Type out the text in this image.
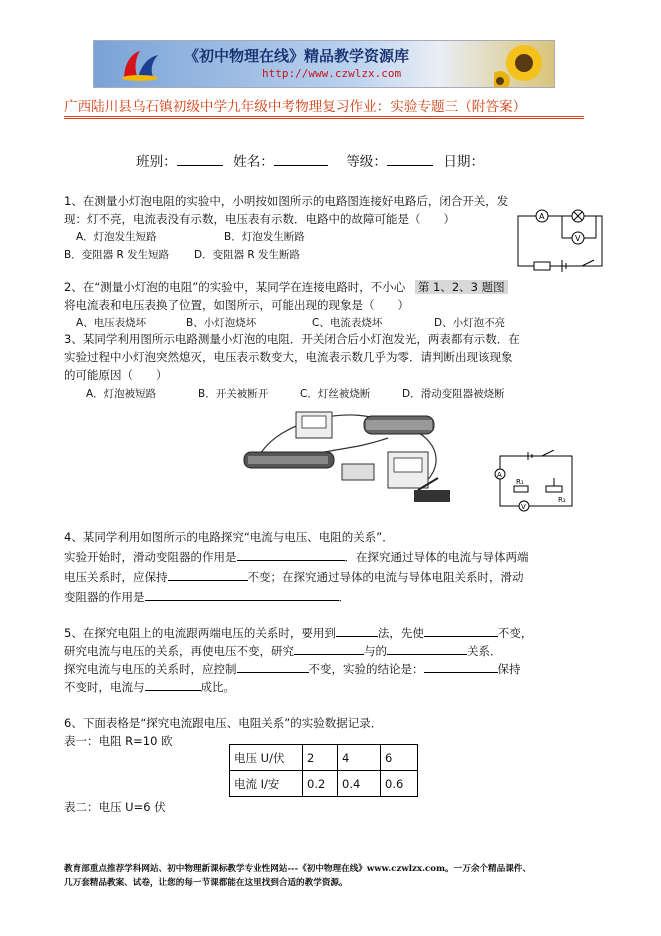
《初中物理在线》精品教学资源库
http://www.czwlzx.com
广西陆川县乌石镇初级中学九年级中考物理复习作业：实验专题三（附答案）
班别：	姓名：	等级：	日期：
1、在测量小灯泡电阻的实验中，小明按如图所示的电路图连接好电路后，闭合开关，发
现：灯不亮，电流表没有示数，电压表有示数．电路中的故障可能是（　　）
A．灯泡发生短路	B．灯泡发生断路
B．变阻器 R 发生短路 D．变阻器 R 发生断路
A
V
2、在“测量小灯泡的电阻”的实验中，某同学在连接电路时，不小心 第 1、2、3 题图
将电流表和电压表换了位置，如图所示，可能出现的现象是（　　）
A、电压表烧坏	B、小灯泡烧坏	C、电流表烧坏	D、小灯泡不亮
3、某同学利用图所示电路测量小灯泡的电阻．开关闭合后小灯泡发光，两表都有示数．在
实验过程中小灯泡突然熄灭，电压表示数变大，电流表示数几乎为零．请判断出现该现象
的可能原因（　　）
A．灯泡被短路	B．开关被断开	C．灯丝被烧断	D．滑动变阻器被烧断
A
R₁
R₂
V
4、某同学利用如图所示的电路探究“电流与电压、电阻的关系”．
实验开始时，滑动变阻器的作用是	．在探究通过导体的电流与导体两端
电压关系时，应保持	不变；在探究通过导体的电流与导体电阻关系时，滑动
变阻器的作用是	．
5、在探究电阻上的电流跟两端电压的关系时，要用到	法，先使	不变，
研究电流与电压的关系，再使电压不变，研究	与的	关系．
探究电流与电压的关系时，应控制	不变，实验的结论是：	保持
不变时，电流与	成比。
6、下面表格是“探究电流跟电压、电阻关系”的实验数据记录．
表一：电阻 R=10 欧
电压 U/伏	2	4	6
电流 I/安	0.2	0.4	0.6
表二：电压 U=6 伏
教育部重点推荐学科网站、初中物理新课标教学专业性网站---《初中物理在线》www.czwlzx.com。一万余个精品课件、
几万套精品教案、试卷，让您的每一节课都能在这里找到合适的教学资源。
